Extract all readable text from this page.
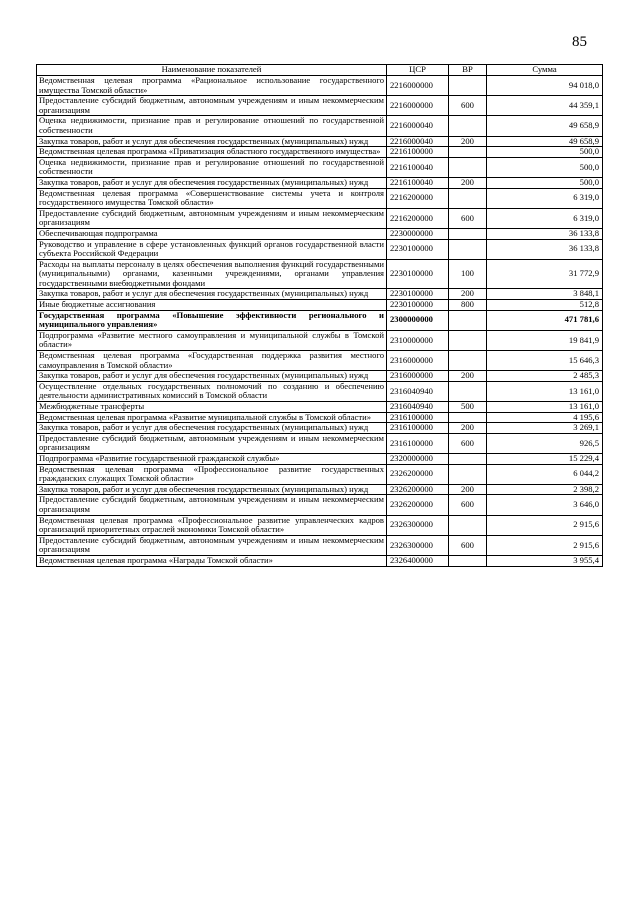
85
Наименование показателей	ЦСР	ВР	Сумма
Ведомственная целевая программа «Рациональное использование государственного имущества Томской области»	2216000000		94 018,0
Предоставление субсидий бюджетным, автономным учреждениям и иным некоммерческим организациям	2216000000	600	44 359,1
Оценка недвижимости, признание прав и регулирование отношений по государственной собственности	2216000040		49 658,9
Закупка товаров, работ и услуг для обеспечения государственных (муниципальных) нужд	2216000040	200	49 658,9
Ведомственная целевая программа «Приватизация областного государственного имущества»	2216100000		500,0
Оценка недвижимости, признание прав и регулирование отношений по государственной собственности	2216100040		500,0
Закупка товаров, работ и услуг для обеспечения государственных (муниципальных) нужд	2216100040	200	500,0
Ведомственная целевая программа «Совершенствование системы учета и контроля государственного имущества Томской области»	2216200000		6 319,0
Предоставление субсидий бюджетным, автономным учреждениям и иным некоммерческим организациям	2216200000	600	6 319,0
Обеспечивающая подпрограмма	2230000000		36 133,8
Руководство и управление в сфере установленных функций органов государственной власти субъекта Российской Федерации	2230100000		36 133,8
Расходы на выплаты персоналу в целях обеспечения выполнения функций государственными (муниципальными) органами, казенными учреждениями, органами управления государственными внебюджетными фондами	2230100000	100	31 772,9
Закупка товаров, работ и услуг для обеспечения государственных (муниципальных) нужд	2230100000	200	3 848,1
Иные бюджетные ассигнования	2230100000	800	512,8
Государственная программа «Повышение эффективности регионального и муниципального управления»	2300000000		471 781,6
Подпрограмма «Развитие местного самоуправления и муниципальной службы в Томской области»	2310000000		19 841,9
Ведомственная целевая программа «Государственная поддержка развития местного самоуправления в Томской области»	2316000000		15 646,3
Закупка товаров, работ и услуг для обеспечения государственных (муниципальных) нужд	2316000000	200	2 485,3
Осуществление отдельных государственных полномочий по созданию и обеспечению деятельности административных комиссий в Томской области	2316040940		13 161,0
Межбюджетные трансферты	2316040940	500	13 161,0
Ведомственная целевая программа «Развитие муниципальной службы в Томской области»	2316100000		4 195,6
Закупка товаров, работ и услуг для обеспечения государственных (муниципальных) нужд	2316100000	200	3 269,1
Предоставление субсидий бюджетным, автономным учреждениям и иным некоммерческим организациям	2316100000	600	926,5
Подпрограмма «Развитие государственной гражданской службы»	2320000000		15 229,4
Ведомственная целевая программа «Профессиональное развитие государственных гражданских служащих Томской области»	2326200000		6 044,2
Закупка товаров, работ и услуг для обеспечения государственных (муниципальных) нужд	2326200000	200	2 398,2
Предоставление субсидий бюджетным, автономным учреждениям и иным некоммерческим организациям	2326200000	600	3 646,0
Ведомственная целевая программа «Профессиональное развитие управленческих кадров организаций приоритетных отраслей экономики Томской области»	2326300000		2 915,6
Предоставление субсидий бюджетным, автономным учреждениям и иным некоммерческим организациям	2326300000	600	2 915,6
Ведомственная целевая программа «Награды Томской области»	2326400000		3 955,4
